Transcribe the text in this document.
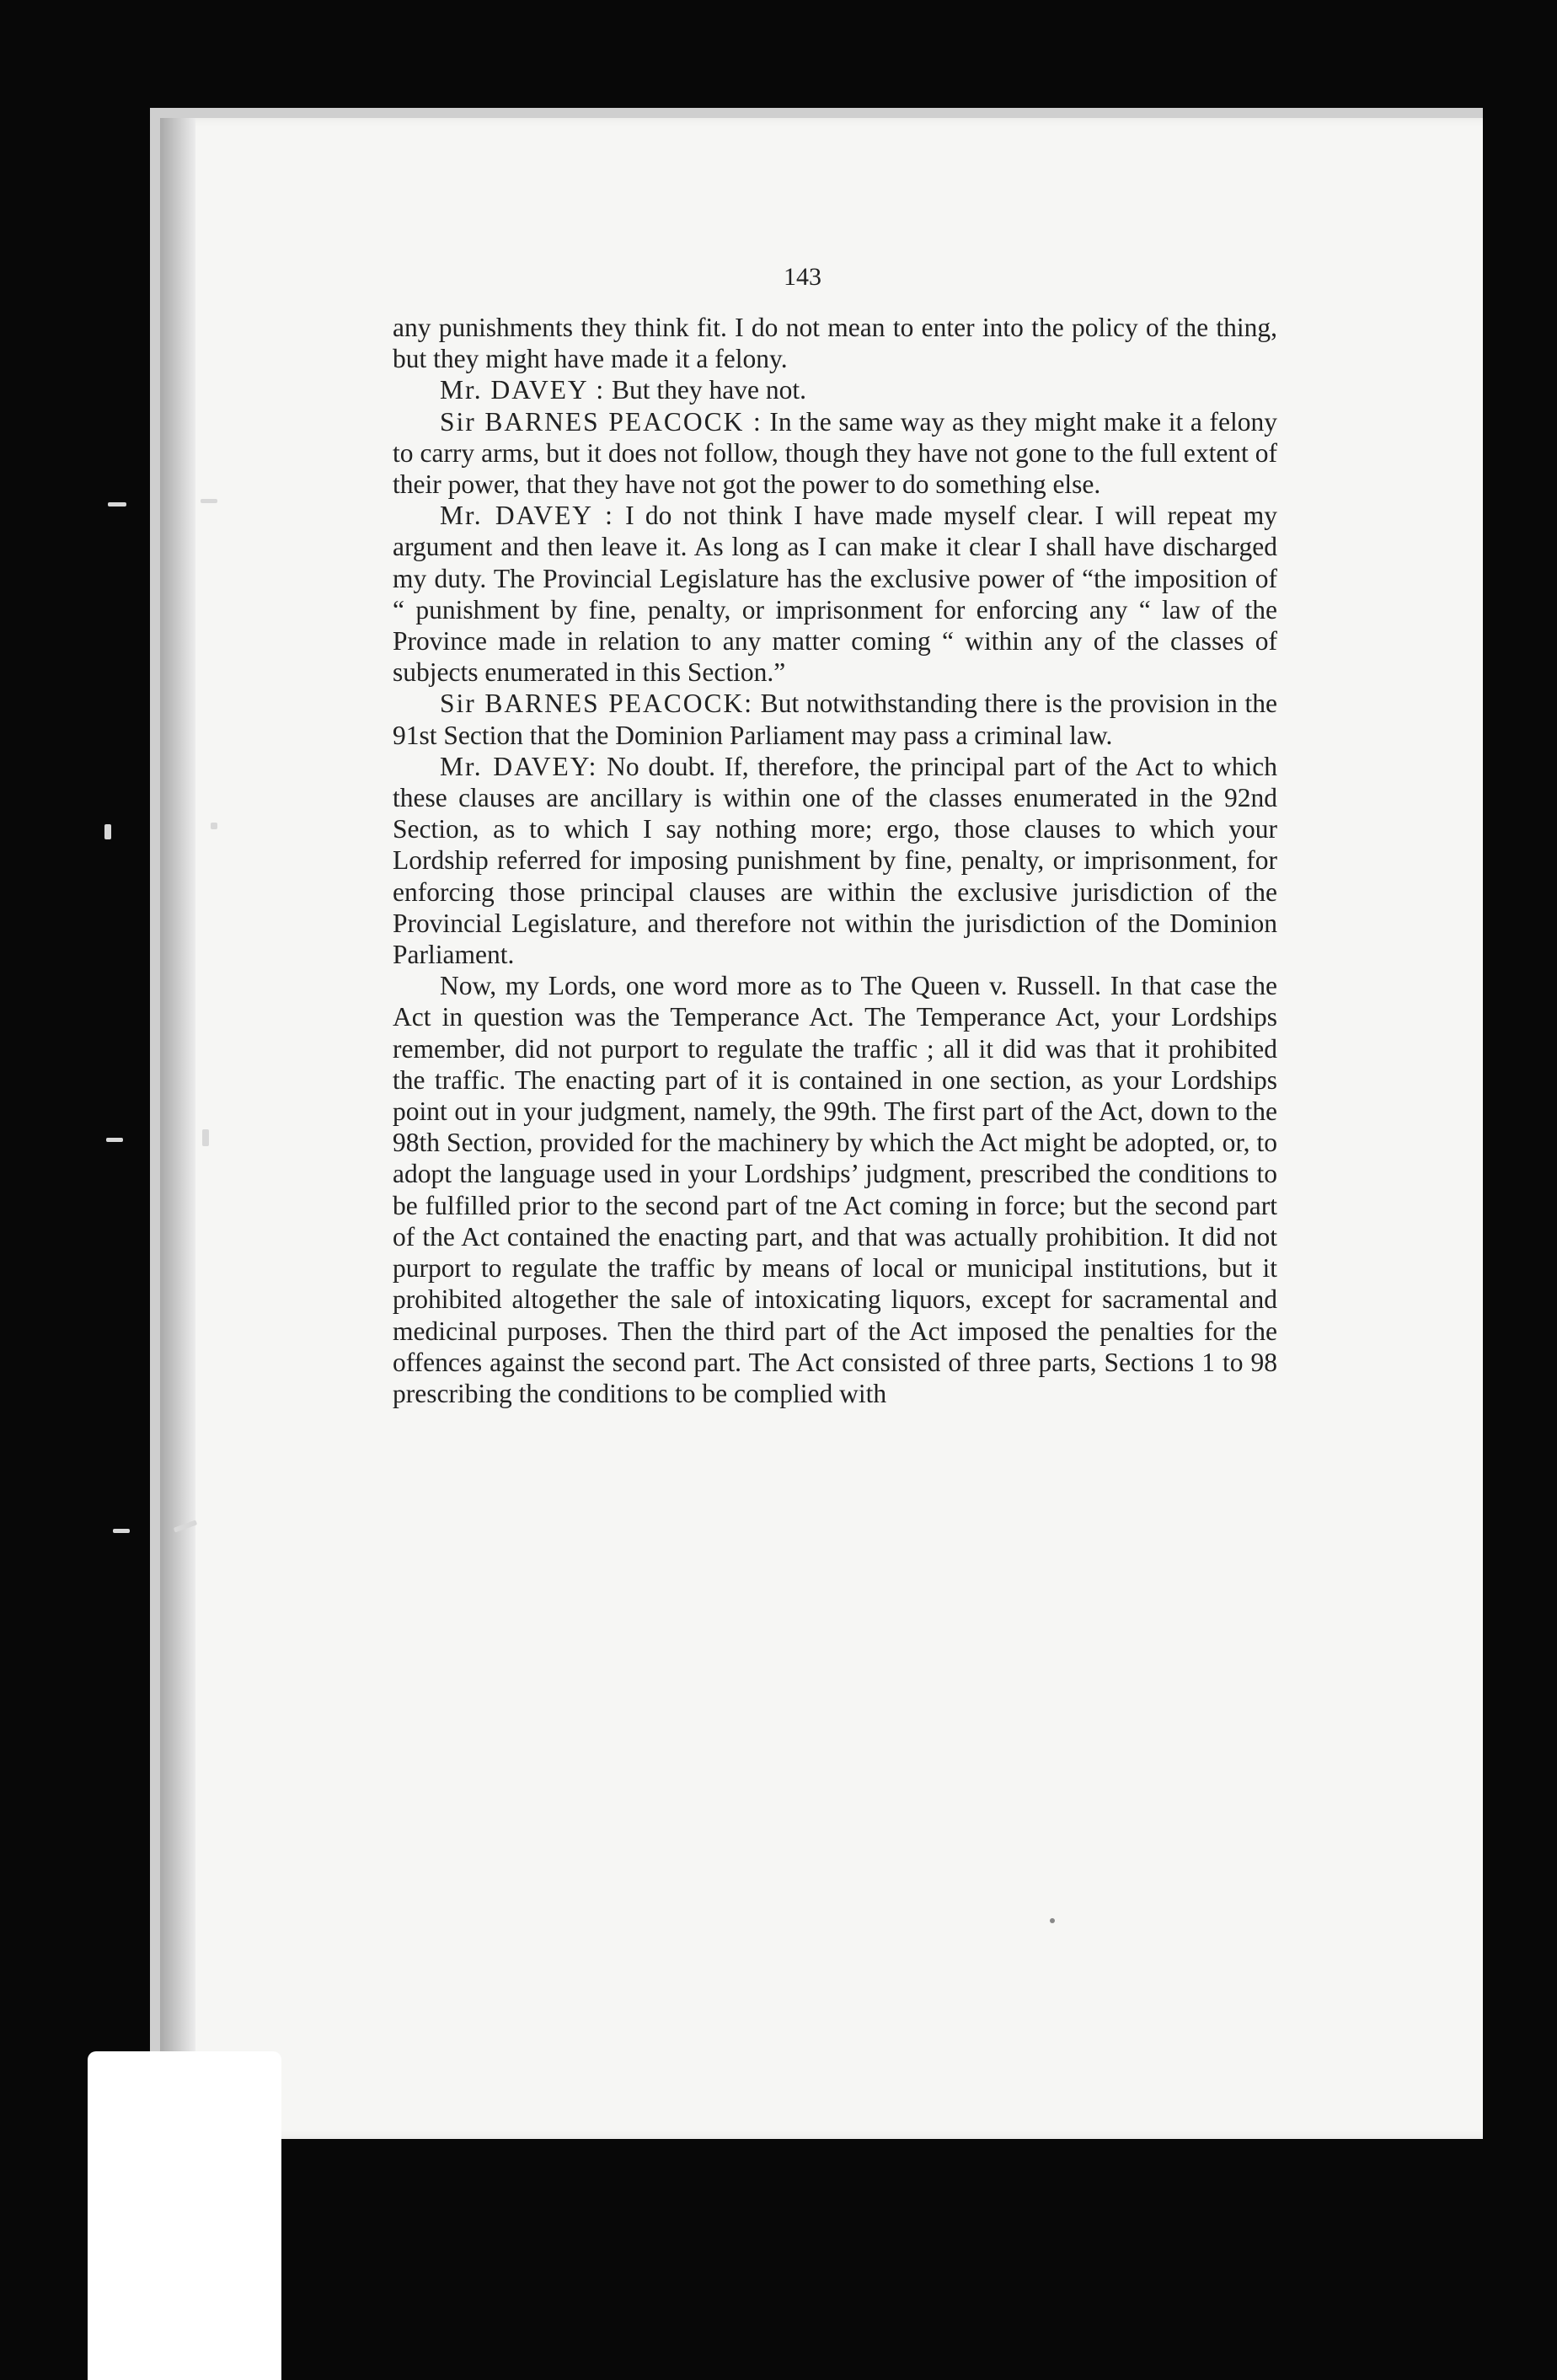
143

any punishments they think fit. I do not mean to enter into the policy of the thing, but they might have made it a felony.

Mr. DAVEY : But they have not.

Sir BARNES PEACOCK : In the same way as they might make it a felony to carry arms, but it does not follow, though they have not gone to the full extent of their power, that they have not got the power to do something else.

Mr. DAVEY : I do not think I have made myself clear. I will repeat my argument and then leave it. As long as I can make it clear I shall have discharged my duty. The Provincial Legislature has the exclusive power of “the imposition of “ punishment by fine, penalty, or imprisonment for enforcing any “ law of the Province made in relation to any matter coming “ within any of the classes of subjects enumerated in this Section.”

Sir BARNES PEACOCK: But notwithstanding there is the provision in the 91st Section that the Dominion Parliament may pass a criminal law.

Mr. DAVEY: No doubt. If, therefore, the principal part of the Act to which these clauses are ancillary is within one of the classes enumerated in the 92nd Section, as to which I say nothing more; ergo, those clauses to which your Lordship referred for imposing punishment by fine, penalty, or imprisonment, for enforcing those principal clauses are within the exclusive jurisdiction of the Provincial Legislature, and therefore not within the jurisdiction of the Dominion Parliament.

Now, my Lords, one word more as to The Queen v. Russell. In that case the Act in question was the Temperance Act. The Temperance Act, your Lordships remember, did not purport to regulate the traffic ; all it did was that it prohibited the traffic. The enacting part of it is contained in one section, as your Lordships point out in your judgment, namely, the 99th. The first part of the Act, down to the 98th Section, provided for the machinery by which the Act might be adopted, or, to adopt the language used in your Lordships’ judgment, prescribed the conditions to be fulfilled prior to the second part of tne Act coming in force; but the second part of the Act contained the enacting part, and that was actually prohibition. It did not purport to regulate the traffic by means of local or municipal institutions, but it prohibited altogether the sale of intoxicating liquors, except for sacramental and medicinal purposes. Then the third part of the Act imposed the penalties for the offences against the second part. The Act consisted of three parts, Sections 1 to 98 prescribing the conditions to be complied with
